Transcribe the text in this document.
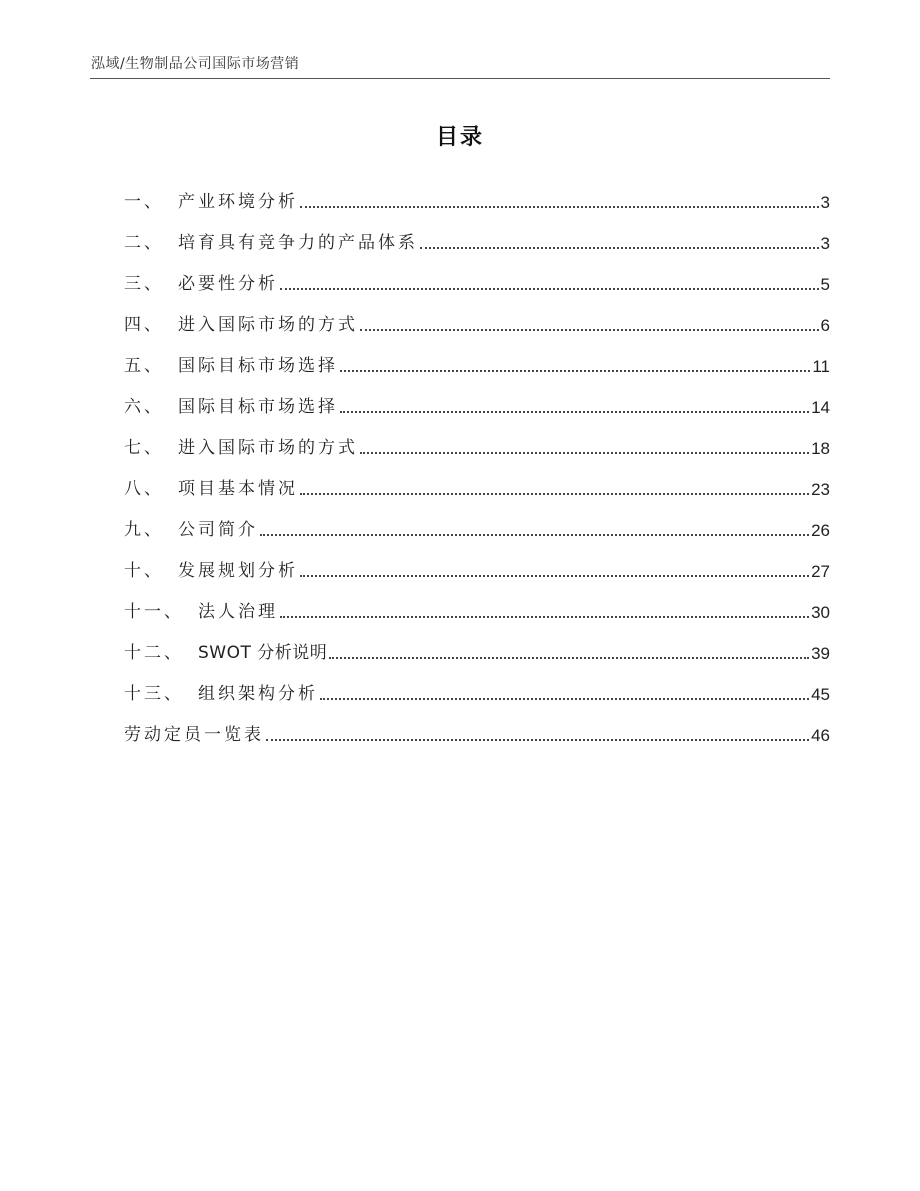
泓域/生物制品公司国际市场营销
目录
一、 产业环境分析	3
二、 培育具有竞争力的产品体系	3
三、 必要性分析	5
四、 进入国际市场的方式	6
五、 国际目标市场选择	11
六、 国际目标市场选择	14
七、 进入国际市场的方式	18
八、 项目基本情况	23
九、 公司简介	26
十、 发展规划分析	27
十一、 法人治理	30
十二、 SWOT 分析说明	39
十三、 组织架构分析	45
劳动定员一览表	46
